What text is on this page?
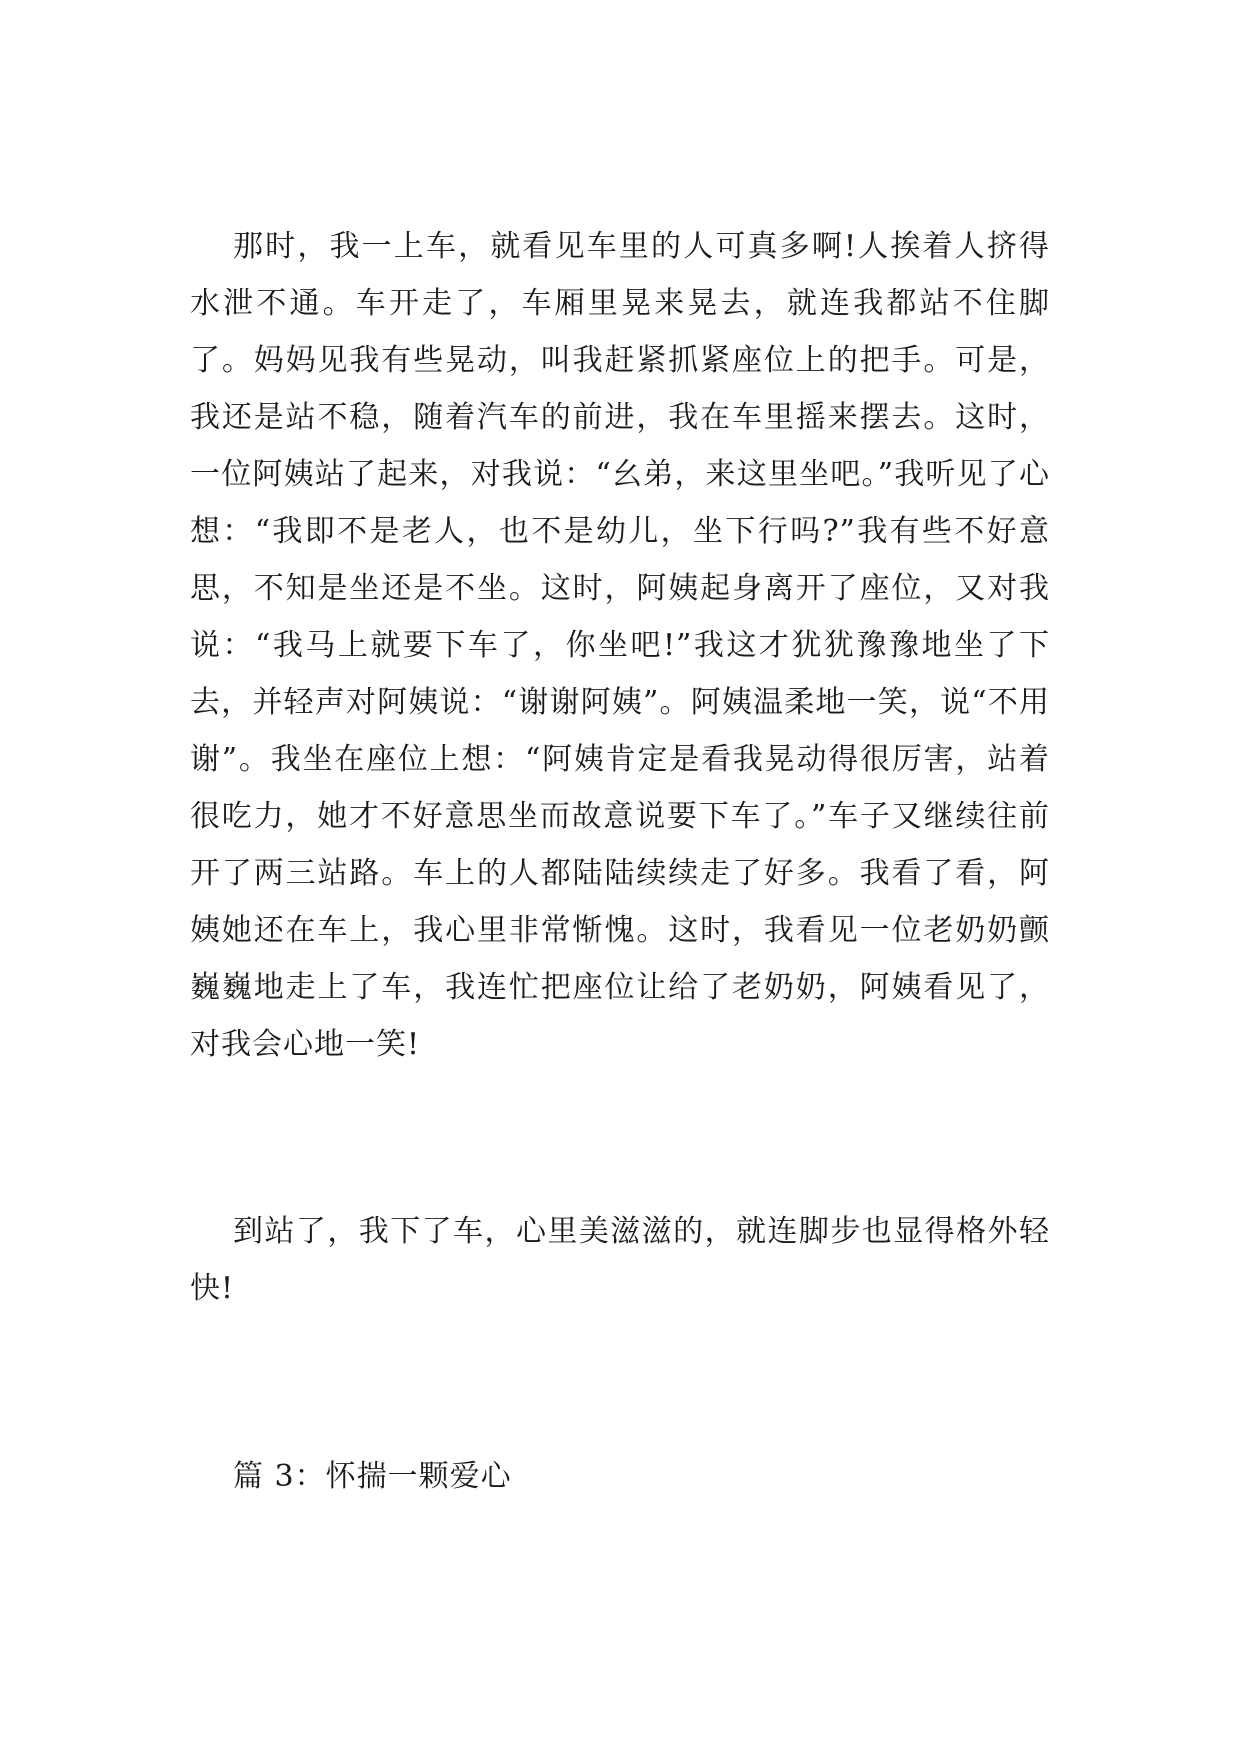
那时，我一上车，就看见车里的人可真多啊!人挨着人挤得水泄不通。车开走了，车厢里晃来晃去，就连我都站不住脚了。妈妈见我有些晃动，叫我赶紧抓紧座位上的把手。可是，我还是站不稳，随着汽车的前进，我在车里摇来摆去。这时，一位阿姨站了起来，对我说：“幺弟，来这里坐吧。”我听见了心想：“我即不是老人，也不是幼儿，坐下行吗?”我有些不好意思，不知是坐还是不坐。这时，阿姨起身离开了座位，又对我说：“我马上就要下车了，你坐吧!”我这才犹犹豫豫地坐了下去，并轻声对阿姨说：“谢谢阿姨”。阿姨温柔地一笑，说“不用谢”。我坐在座位上想：“阿姨肯定是看我晃动得很厉害，站着很吃力，她才不好意思坐而故意说要下车了。”车子又继续往前开了两三站路。车上的人都陆陆续续走了好多。我看了看，阿姨她还在车上，我心里非常惭愧。这时，我看见一位老奶奶颤巍巍地走上了车，我连忙把座位让给了老奶奶，阿姨看见了，对我会心地一笑!

到站了，我下了车，心里美滋滋的，就连脚步也显得格外轻快!

篇 3：怀揣一颗爱心
